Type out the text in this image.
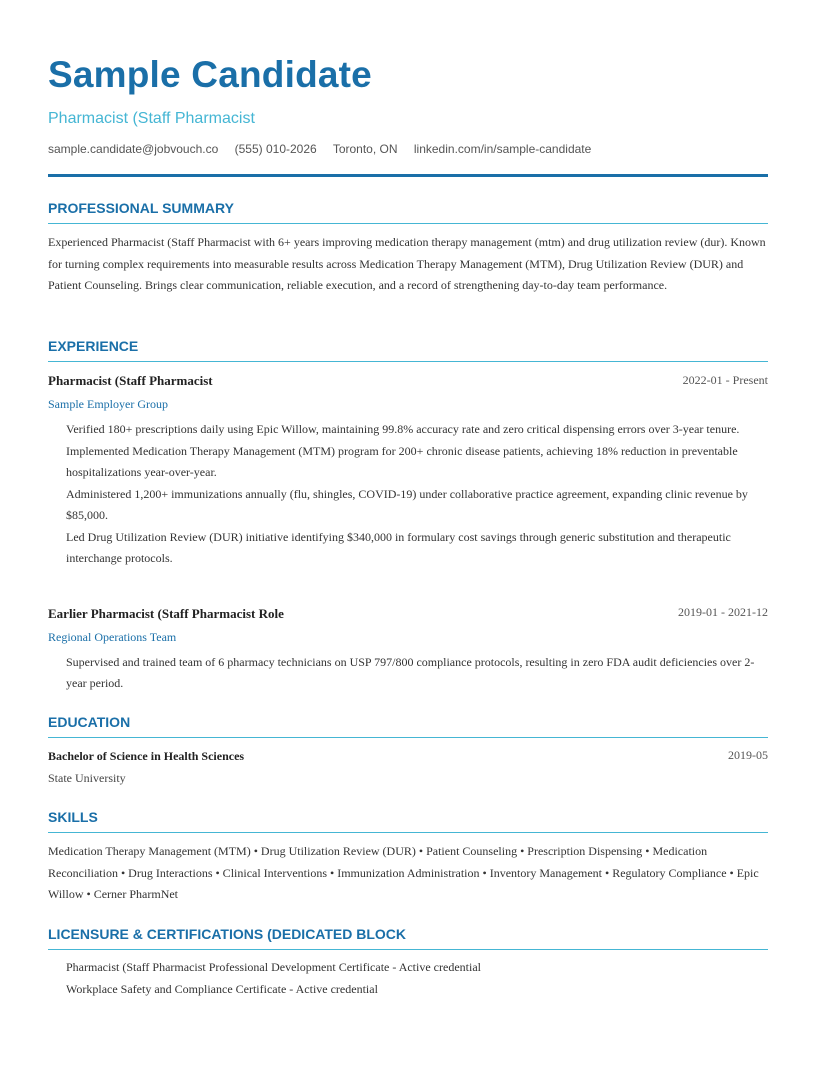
Sample Candidate
Pharmacist (Staff Pharmacist
sample.candidate@jobvouch.co (555) 010-2026 Toronto, ON linkedin.com/in/sample-candidate
PROFESSIONAL SUMMARY
Experienced Pharmacist (Staff Pharmacist with 6+ years improving medication therapy management (mtm) and drug utilization review (dur). Known for turning complex requirements into measurable results across Medication Therapy Management (MTM), Drug Utilization Review (DUR) and Patient Counseling. Brings clear communication, reliable execution, and a record of strengthening day-to-day team performance.
EXPERIENCE
Pharmacist (Staff Pharmacist	2022-01 - Present
Sample Employer Group
Verified 180+ prescriptions daily using Epic Willow, maintaining 99.8% accuracy rate and zero critical dispensing errors over 3-year tenure.
Implemented Medication Therapy Management (MTM) program for 200+ chronic disease patients, achieving 18% reduction in preventable hospitalizations year-over-year.
Administered 1,200+ immunizations annually (flu, shingles, COVID-19) under collaborative practice agreement, expanding clinic revenue by $85,000.
Led Drug Utilization Review (DUR) initiative identifying $340,000 in formulary cost savings through generic substitution and therapeutic interchange protocols.
Earlier Pharmacist (Staff Pharmacist Role	2019-01 - 2021-12
Regional Operations Team
Supervised and trained team of 6 pharmacy technicians on USP 797/800 compliance protocols, resulting in zero FDA audit deficiencies over 2-year period.
EDUCATION
Bachelor of Science in Health Sciences	2019-05
State University
SKILLS
Medication Therapy Management (MTM) • Drug Utilization Review (DUR) • Patient Counseling • Prescription Dispensing • Medication Reconciliation • Drug Interactions • Clinical Interventions • Immunization Administration • Inventory Management • Regulatory Compliance • Epic Willow • Cerner PharmNet
LICENSURE & CERTIFICATIONS (DEDICATED BLOCK
Pharmacist (Staff Pharmacist Professional Development Certificate - Active credential
Workplace Safety and Compliance Certificate - Active credential
